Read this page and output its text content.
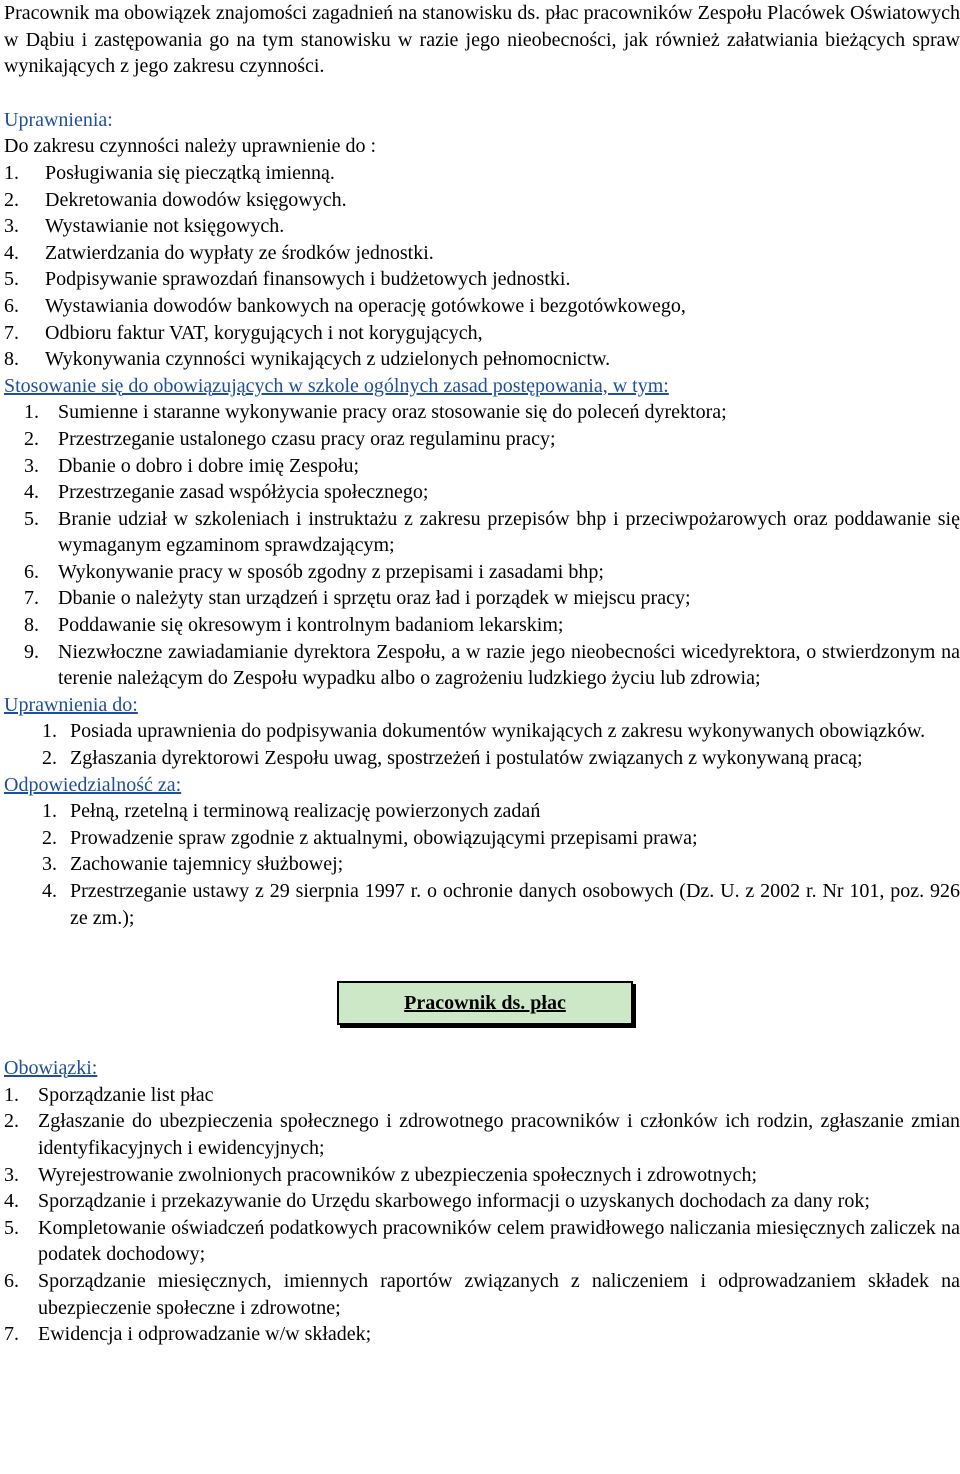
Pracownik ma obowiązek znajomości zagadnień na stanowisku ds. płac pracowników Zespołu Placówek Oświatowych w Dąbiu i zastępowania go na tym stanowisku w razie jego nieobecności, jak również załatwiania bieżących spraw wynikających z jego zakresu czynności.

Uprawnienia:

Do zakresu czynności należy uprawnienie do :

1.	Posługiwania się pieczątką imienną.
2.	Dekretowania dowodów księgowych.
3.	Wystawianie not księgowych.
4.	Zatwierdzania do wypłaty ze środków jednostki.
5.	Podpisywanie sprawozdań finansowych i budżetowych jednostki.
6.	Wystawiania dowodów bankowych na operację gotówkowe i bezgotówkowego,
7.	Odbioru faktur VAT, korygujących i not korygujących,
8.	Wykonywania czynności wynikających z udzielonych pełnomocnictw.

Stosowanie się do obowiązujących w szkole ogólnych zasad postępowania, w tym:

1. Sumienne i staranne wykonywanie pracy oraz stosowanie się do poleceń dyrektora;
2. Przestrzeganie ustalonego czasu pracy oraz regulaminu pracy;
3. Dbanie o dobro i dobre imię Zespołu;
4. Przestrzeganie zasad współżycia społecznego;
5. Branie udział w szkoleniach i instruktażu z zakresu przepisów bhp i przeciwpożarowych oraz poddawanie się wymaganym egzaminom sprawdzającym;
6. Wykonywanie pracy w sposób zgodny z przepisami i zasadami bhp;
7. Dbanie o należyty stan urządzeń i sprzętu oraz ład i porządek w miejscu pracy;
8. Poddawanie się okresowym i kontrolnym badaniom lekarskim;
9. Niezwłoczne zawiadamianie dyrektora Zespołu, a w razie jego nieobecności wicedyrektora, o stwierdzonym na terenie należącym do Zespołu wypadku albo o zagrożeniu ludzkiego życiu lub zdrowia;

Uprawnienia do:

1. Posiada uprawnienia do podpisywania dokumentów wynikających z zakresu wykonywanych obowiązków.
2. Zgłaszania dyrektorowi Zespołu uwag, spostrzeżeń i postulatów związanych z wykonywaną pracą;

Odpowiedzialność za:

1. Pełną, rzetelną i terminową realizację powierzonych zadań
2. Prowadzenie spraw zgodnie z aktualnymi, obowiązującymi przepisami prawa;
3. Zachowanie tajemnicy służbowej;
4. Przestrzeganie ustawy z 29 sierpnia 1997 r. o ochronie danych osobowych (Dz. U. z 2002 r. Nr 101, poz. 926 ze zm.);
Pracownik ds. płac

Obowiązki:

1. Sporządzanie list płac
2. Zgłaszanie do ubezpieczenia społecznego i zdrowotnego pracowników i członków ich rodzin, zgłaszanie zmian identyfikacyjnych i ewidencyjnych;
3. Wyrejestrowanie zwolnionych pracowników z ubezpieczenia społecznych i zdrowotnych;
4. Sporządzanie i przekazywanie do Urzędu skarbowego informacji o uzyskanych dochodach za dany rok;
5. Kompletowanie oświadczeń podatkowych pracowników celem prawidłowego naliczania miesięcznych zaliczek na podatek dochodowy;
6. Sporządzanie miesięcznych, imiennych raportów związanych z naliczeniem i odprowadzaniem składek na ubezpieczenie społeczne i zdrowotne;
7. Ewidencja i odprowadzanie w/w składek;
